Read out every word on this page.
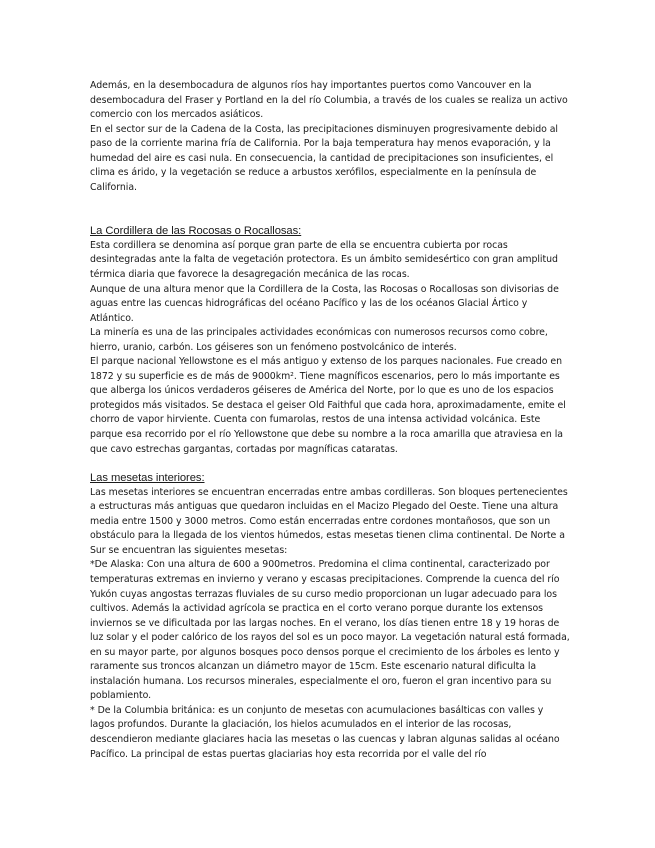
Además, en la desembocadura de algunos ríos hay importantes puertos como Vancouver en la desembocadura del Fraser y Portland en la del río Columbia, a través de los cuales se realiza un activo comercio con los mercados asiáticos.

En el sector sur de la Cadena de la Costa, las precipitaciones disminuyen progresivamente debido al paso de la corriente marina fría de California. Por la baja temperatura hay menos evaporación, y la humedad del aire es casi nula. En consecuencia, la cantidad de precipitaciones son insuficientes, el clima es árido, y la vegetación se reduce a arbustos xerófilos, especialmente en la península de California.

La Cordillera de las Rocosas o Rocallosas:

Esta cordillera se denomina así porque gran parte de ella se encuentra cubierta por rocas desintegradas ante la falta de vegetación protectora. Es un ámbito semidesértico con gran amplitud térmica diaria que favorece la desagregación mecánica de las rocas.

Aunque de una altura menor que la Cordillera de la Costa, las Rocosas o Rocallosas son divisorias de aguas entre las cuencas hidrográficas del océano Pacífico y las de los océanos Glacial Ártico y Atlántico.

La minería es una de las principales actividades económicas con numerosos recursos como cobre, hierro, uranio, carbón. Los géiseres son un fenómeno postvolcánico de interés.

El parque nacional Yellowstone es el más antiguo y extenso de los parques nacionales. Fue creado en 1872 y su superficie es de más de 9000km². Tiene magníficos escenarios, pero lo más importante es que alberga los únicos verdaderos géiseres de América del Norte, por lo que es uno de los espacios protegidos más visitados. Se destaca el geiser Old Faithful que cada hora, aproximadamente, emite el chorro de vapor hirviente. Cuenta con fumarolas, restos de una intensa actividad volcánica. Este parque esa recorrido por el río Yellowstone que debe su nombre a la roca amarilla que atraviesa en la que cavo estrechas gargantas, cortadas por magníficas cataratas.

Las mesetas interiores:

Las mesetas interiores se encuentran encerradas entre ambas cordilleras. Son bloques pertenecientes a estructuras más antiguas que quedaron incluidas en el Macizo Plegado del Oeste. Tiene una altura media entre 1500 y 3000 metros. Como están encerradas entre cordones montañosos, que son un obstáculo para la llegada de los vientos húmedos, estas mesetas tienen clima continental. De Norte a Sur se encuentran las siguientes mesetas:

*De Alaska: Con una altura de 600 a 900metros. Predomina el clima continental, caracterizado por temperaturas extremas en invierno y verano y escasas precipitaciones. Comprende la cuenca del río Yukón cuyas angostas terrazas fluviales de su curso medio proporcionan un lugar adecuado para los cultivos. Además la actividad agrícola se practica en el corto verano porque durante los extensos inviernos se ve dificultada por las largas noches. En el verano, los días tienen entre 18 y 19 horas de luz solar y el poder calórico de los rayos del sol es un poco mayor. La vegetación natural está formada, en su mayor parte, por algunos bosques poco densos porque el crecimiento de los árboles es lento y raramente sus troncos alcanzan un diámetro mayor de 15cm. Este escenario natural dificulta la instalación humana. Los recursos minerales, especialmente el oro, fueron el gran incentivo para su poblamiento.

* De la Columbia británica: es un conjunto de mesetas con acumulaciones basálticas con valles y lagos profundos. Durante la glaciación, los hielos acumulados en el interior de las rocosas, descendieron mediante glaciares hacia las mesetas o las cuencas y labran algunas salidas al océano Pacífico. La principal de estas puertas glaciarias hoy esta recorrida por el valle del río
